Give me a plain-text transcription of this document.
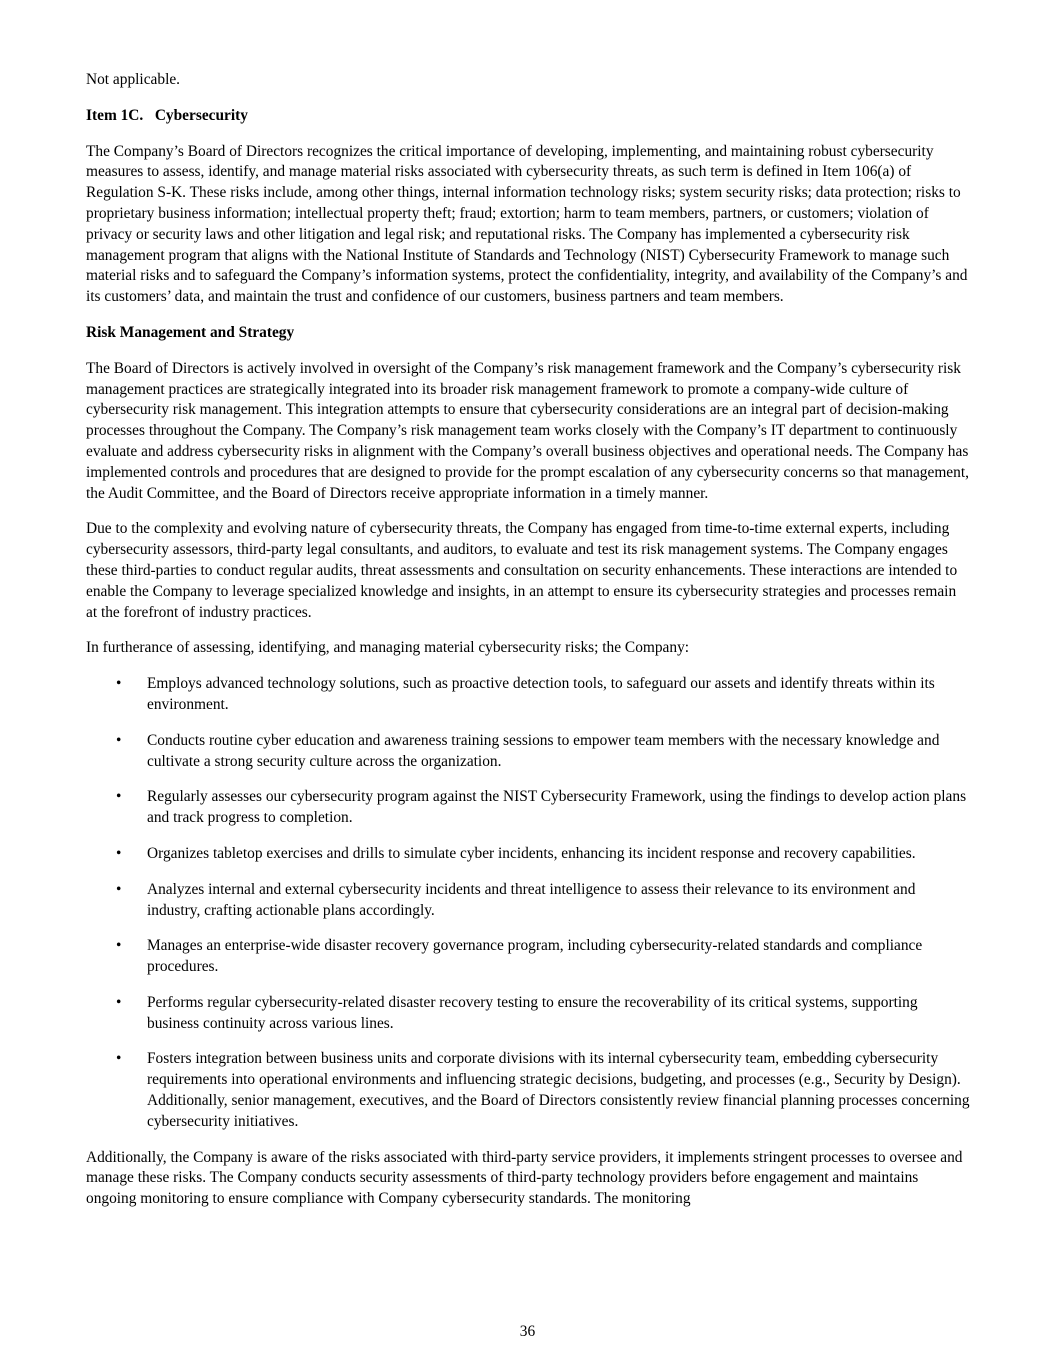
Not applicable.

Item 1C.   Cybersecurity

The Company’s Board of Directors recognizes the critical importance of developing, implementing, and maintaining robust cybersecurity measures to assess, identify, and manage material risks associated with cybersecurity threats, as such term is defined in Item 106(a) of Regulation S-K. These risks include, among other things, internal information technology risks; system security risks; data protection; risks to proprietary business information; intellectual property theft; fraud; extortion; harm to team members, partners, or customers; violation of privacy or security laws and other litigation and legal risk; and reputational risks. The Company has implemented a cybersecurity risk management program that aligns with the National Institute of Standards and Technology (NIST) Cybersecurity Framework to manage such material risks and to safeguard the Company’s information systems, protect the confidentiality, integrity, and availability of the Company’s and its customers’ data, and maintain the trust and confidence of our customers, business partners and team members.

Risk Management and Strategy

The Board of Directors is actively involved in oversight of the Company’s risk management framework and the Company’s cybersecurity risk management practices are strategically integrated into its broader risk management framework to promote a company-wide culture of cybersecurity risk management. This integration attempts to ensure that cybersecurity considerations are an integral part of decision-making processes throughout the Company. The Company’s risk management team works closely with the Company’s IT department to continuously evaluate and address cybersecurity risks in alignment with the Company’s overall business objectives and operational needs. The Company has implemented controls and procedures that are designed to provide for the prompt escalation of any cybersecurity concerns so that management, the Audit Committee, and the Board of Directors receive appropriate information in a timely manner.

Due to the complexity and evolving nature of cybersecurity threats, the Company has engaged from time-to-time external experts, including cybersecurity assessors, third-party legal consultants, and auditors, to evaluate and test its risk management systems. The Company engages these third-parties to conduct regular audits, threat assessments and consultation on security enhancements. These interactions are intended to enable the Company to leverage specialized knowledge and insights, in an attempt to ensure its cybersecurity strategies and processes remain at the forefront of industry practices.

In furtherance of assessing, identifying, and managing material cybersecurity risks; the Company:

• Employs advanced technology solutions, such as proactive detection tools, to safeguard our assets and identify threats within its environment.
• Conducts routine cyber education and awareness training sessions to empower team members with the necessary knowledge and cultivate a strong security culture across the organization.
• Regularly assesses our cybersecurity program against the NIST Cybersecurity Framework, using the findings to develop action plans and track progress to completion.
• Organizes tabletop exercises and drills to simulate cyber incidents, enhancing its incident response and recovery capabilities.
• Analyzes internal and external cybersecurity incidents and threat intelligence to assess their relevance to its environment and industry, crafting actionable plans accordingly.
• Manages an enterprise-wide disaster recovery governance program, including cybersecurity-related standards and compliance procedures.
• Performs regular cybersecurity-related disaster recovery testing to ensure the recoverability of its critical systems, supporting business continuity across various lines.
• Fosters integration between business units and corporate divisions with its internal cybersecurity team, embedding cybersecurity requirements into operational environments and influencing strategic decisions, budgeting, and processes (e.g., Security by Design). Additionally, senior management, executives, and the Board of Directors consistently review financial planning processes concerning cybersecurity initiatives.

Additionally, the Company is aware of the risks associated with third-party service providers, it implements stringent processes to oversee and manage these risks. The Company conducts security assessments of third-party technology providers before engagement and maintains ongoing monitoring to ensure compliance with Company cybersecurity standards. The monitoring

36
